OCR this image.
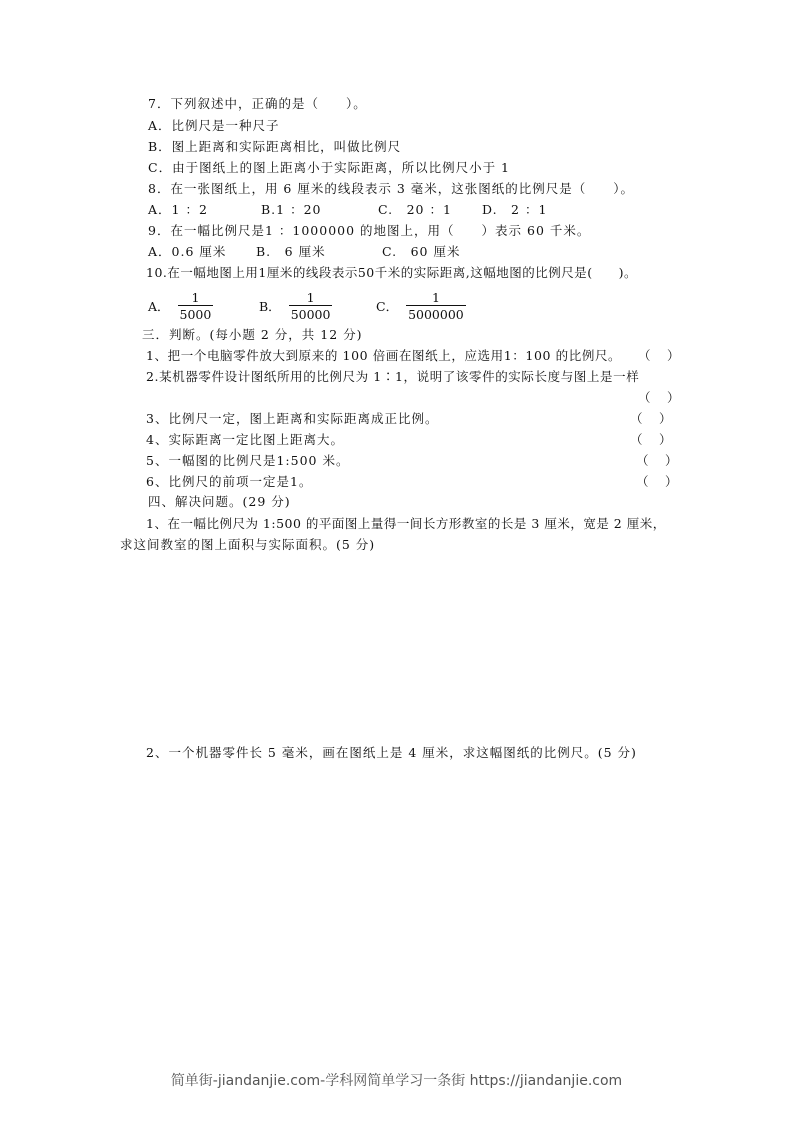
7．下列叙述中，正确的是（　　）。
A．比例尺是一种尺子
B．图上距离和实际距离相比，叫做比例尺
C．由于图纸上的图上距离小于实际距离，所以比例尺小于 1
8．在一张图纸上，用 6 厘米的线段表示 3 毫米，这张图纸的比例尺是（　　）。
A．1 ：2	B.1 ：20	C.　20 ：1 D.　2 ：1
9．在一幅比例尺是1 ：1000000 的地图上，用（　　）表示 60 千米。
A．0.6 厘米 B.　6 厘米	C.　60 厘米
10.在一幅地图上用1厘米的线段表示50千米的实际距离,这幅地图的比例尺是(　　)。
A． $\frac{1}{5000}$	B． $\frac{1}{50000}$	C． $\frac{1}{5000000}$
三．判断。(每小题 2 分，共 12 分)
1、把一个电脑零件放大到原来的 100 倍画在图纸上，应选用1：100 的比例尺。 （　 ）
2.某机器零件设计图纸所用的比例尺为 1∶1，说明了该零件的实际长度与图上是一样
（　 ）
3、比例尺一定，图上距离和实际距离成正比例。	（　 ）
4、实际距离一定比图上距离大。	（　 ）
5、一幅图的比例尺是1:500 米。	（　 ）
6、比例尺的前项一定是1。	（　 ）
四、解决问题。(29 分)
1、在一幅比例尺为 1:500 的平面图上量得一间长方形教室的长是 3 厘米，宽是 2 厘米，
求这间教室的图上面积与实际面积。(5 分)
2、一个机器零件长 5 毫米，画在图纸上是 4 厘米，求这幅图纸的比例尺。(5 分)
简单街-jiandanjie.com-学科网简单学习一条街 https://jiandanjie.com
